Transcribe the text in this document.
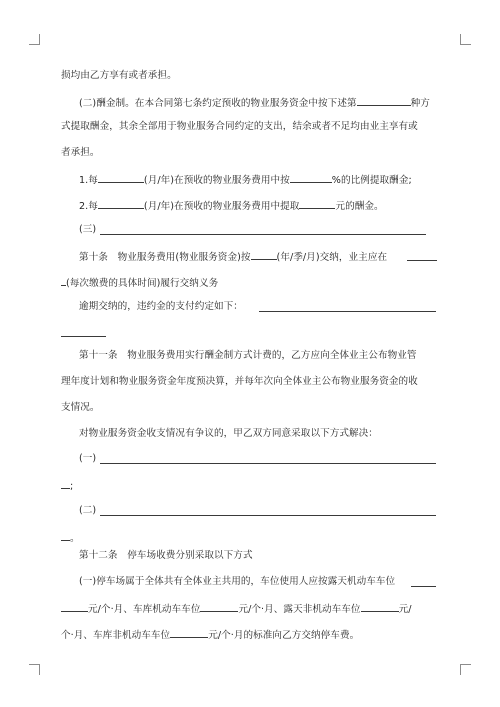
损均由乙方享有或者承担。
(二)酬金制。在本合同第七条约定预收的物业服务资金中按下述第	种方
式提取酬金，其余全部用于物业服务合同约定的支出，结余或者不足均由业主享有或
者承担。
1.每	(月/年)在预收的物业服务费用中按	%的比例提取酬金;
2.每	(月/年)在预收的物业服务费用中提取	元的酬金。
(三)
第十条　物业服务费用(物业服务资金)按	(年/季/月)交纳，业主应在
(每次缴费的具体时间)履行交纳义务
逾期交纳的，违约金的支付约定如下：
第十一条　物业服务费用实行酬金制方式计费的，乙方应向全体业主公布物业管
理年度计划和物业服务资金年度预决算，并每年次向全体业主公布物业服务资金的收
支情况。
对物业服务资金收支情况有争议的，甲乙双方同意采取以下方式解决：
(一)
;
(二)
。
第十二条　停车场收费分别采取以下方式
(一)停车场属于全体共有全体业主共用的，车位使用人应按露天机动车车位
元/个·月、车库机动车车位	元/个·月、露天非机动车车位	元/
个·月、车库非机动车车位	元/个·月的标准向乙方交纳停车费。
